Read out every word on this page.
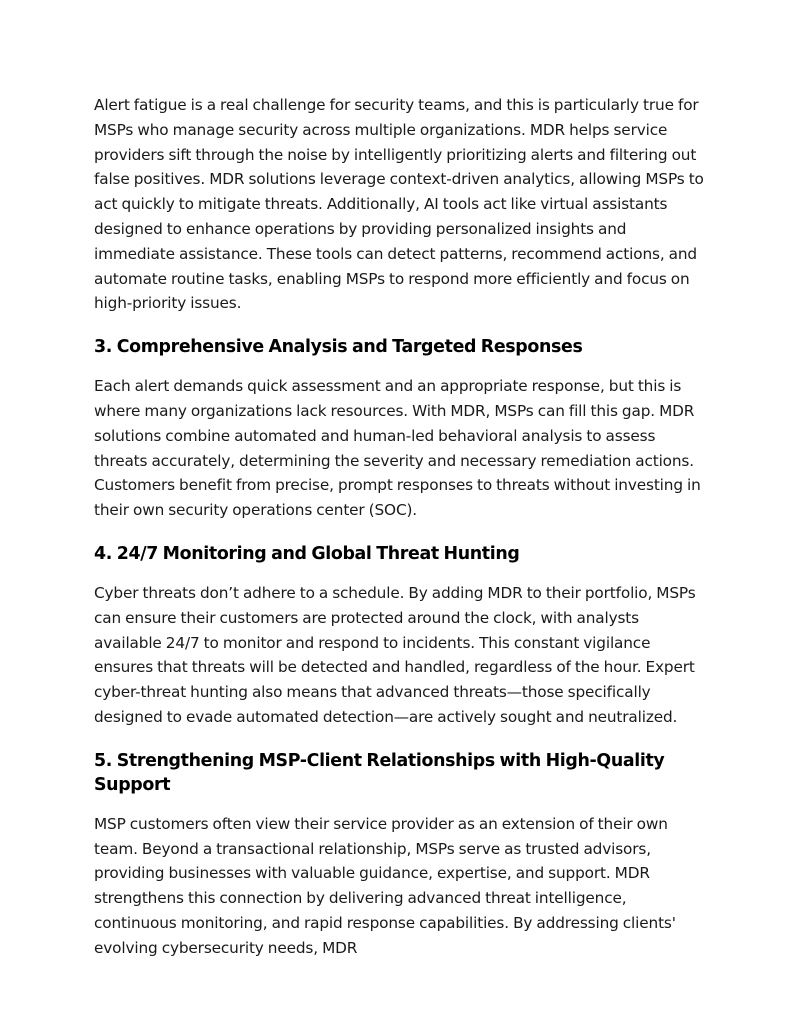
Alert fatigue is a real challenge for security teams, and this is particularly true for MSPs who manage security across multiple organizations. MDR helps service providers sift through the noise by intelligently prioritizing alerts and filtering out false positives. MDR solutions leverage context-driven analytics, allowing MSPs to act quickly to mitigate threats. Additionally, AI tools act like virtual assistants designed to enhance operations by providing personalized insights and immediate assistance. These tools can detect patterns, recommend actions, and automate routine tasks, enabling MSPs to respond more efficiently and focus on high-priority issues.

3. Comprehensive Analysis and Targeted Responses

Each alert demands quick assessment and an appropriate response, but this is where many organizations lack resources. With MDR, MSPs can fill this gap. MDR solutions combine automated and human-led behavioral analysis to assess threats accurately, determining the severity and necessary remediation actions. Customers benefit from precise, prompt responses to threats without investing in their own security operations center (SOC).

4. 24/7 Monitoring and Global Threat Hunting

Cyber threats don’t adhere to a schedule. By adding MDR to their portfolio, MSPs can ensure their customers are protected around the clock, with analysts available 24/7 to monitor and respond to incidents. This constant vigilance ensures that threats will be detected and handled, regardless of the hour. Expert cyber-threat hunting also means that advanced threats—those specifically designed to evade automated detection—are actively sought and neutralized.

5. Strengthening MSP-Client Relationships with High-Quality Support

MSP customers often view their service provider as an extension of their own team. Beyond a transactional relationship, MSPs serve as trusted advisors, providing businesses with valuable guidance, expertise, and support. MDR strengthens this connection by delivering advanced threat intelligence, continuous monitoring, and rapid response capabilities. By addressing clients' evolving cybersecurity needs, MDR
